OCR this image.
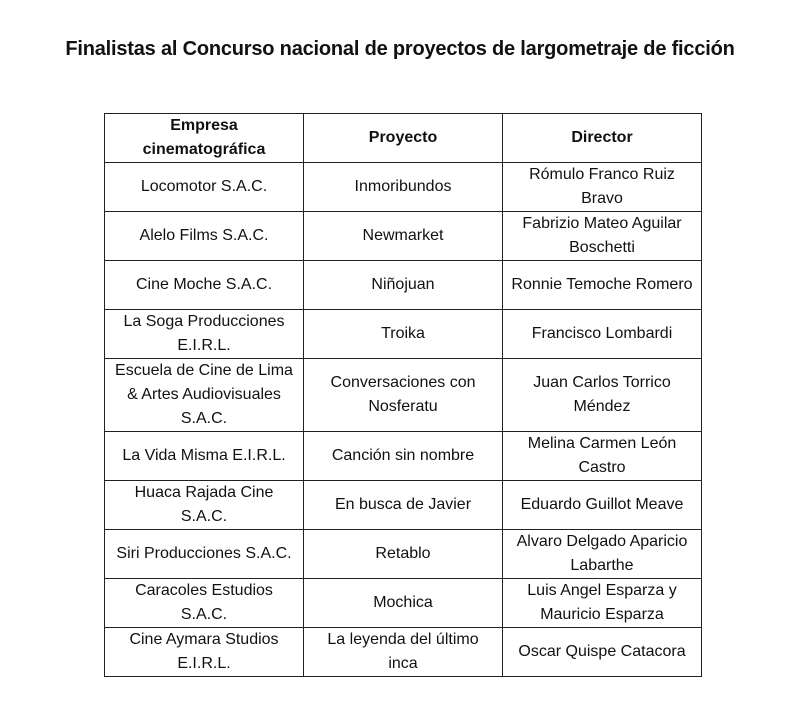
Finalistas al Concurso nacional de proyectos de largometraje de ficción
Empresa cinematográfica	Proyecto	Director
Locomotor S.A.C.	Inmoribundos	Rómulo Franco Ruiz Bravo
Alelo Films S.A.C.	Newmarket	Fabrizio Mateo Aguilar Boschetti
Cine Moche S.A.C.	Niñojuan	Ronnie Temoche Romero
La Soga Producciones E.I.R.L.	Troika	Francisco Lombardi
Escuela de Cine de Lima & Artes Audiovisuales S.A.C.	Conversaciones con Nosferatu	Juan Carlos Torrico Méndez
La Vida Misma E.I.R.L.	Canción sin nombre	Melina Carmen León Castro
Huaca Rajada Cine S.A.C.	En busca de Javier	Eduardo Guillot Meave
Siri Producciones S.A.C.	Retablo	Alvaro Delgado Aparicio Labarthe
Caracoles Estudios S.A.C.	Mochica	Luis Angel Esparza y Mauricio Esparza
Cine Aymara Studios E.I.R.L.	La leyenda del último inca	Oscar Quispe Catacora
